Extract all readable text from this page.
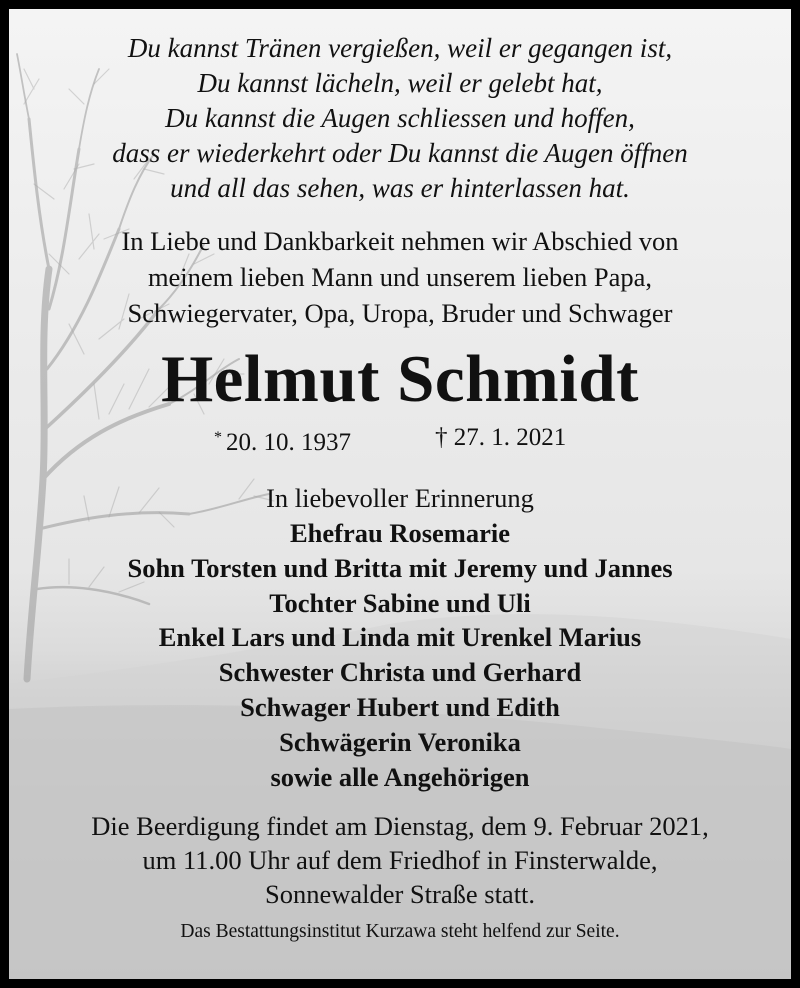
Du kannst Tränen vergießen, weil er gegangen ist,
Du kannst lächeln, weil er gelebt hat,
Du kannst die Augen schliessen und hoffen,
dass er wiederkehrt oder Du kannst die Augen öffnen
und all das sehen, was er hinterlassen hat.
In Liebe und Dankbarkeit nehmen wir Abschied von
meinem lieben Mann und unserem lieben Papa,
Schwiegervater, Opa, Uropa, Bruder und Schwager
Helmut Schmidt
* 20. 10. 1937	† 27. 1. 2021
In liebevoller Erinnerung
Ehefrau Rosemarie
Sohn Torsten und Britta mit Jeremy und Jannes
Tochter Sabine und Uli
Enkel Lars und Linda mit Urenkel Marius
Schwester Christa und Gerhard
Schwager Hubert und Edith
Schwägerin Veronika
sowie alle Angehörigen
Die Beerdigung findet am Dienstag, dem 9. Februar 2021,
um 11.00 Uhr auf dem Friedhof in Finsterwalde,
Sonnewalder Straße statt.
Das Bestattungsinstitut Kurzawa steht helfend zur Seite.
